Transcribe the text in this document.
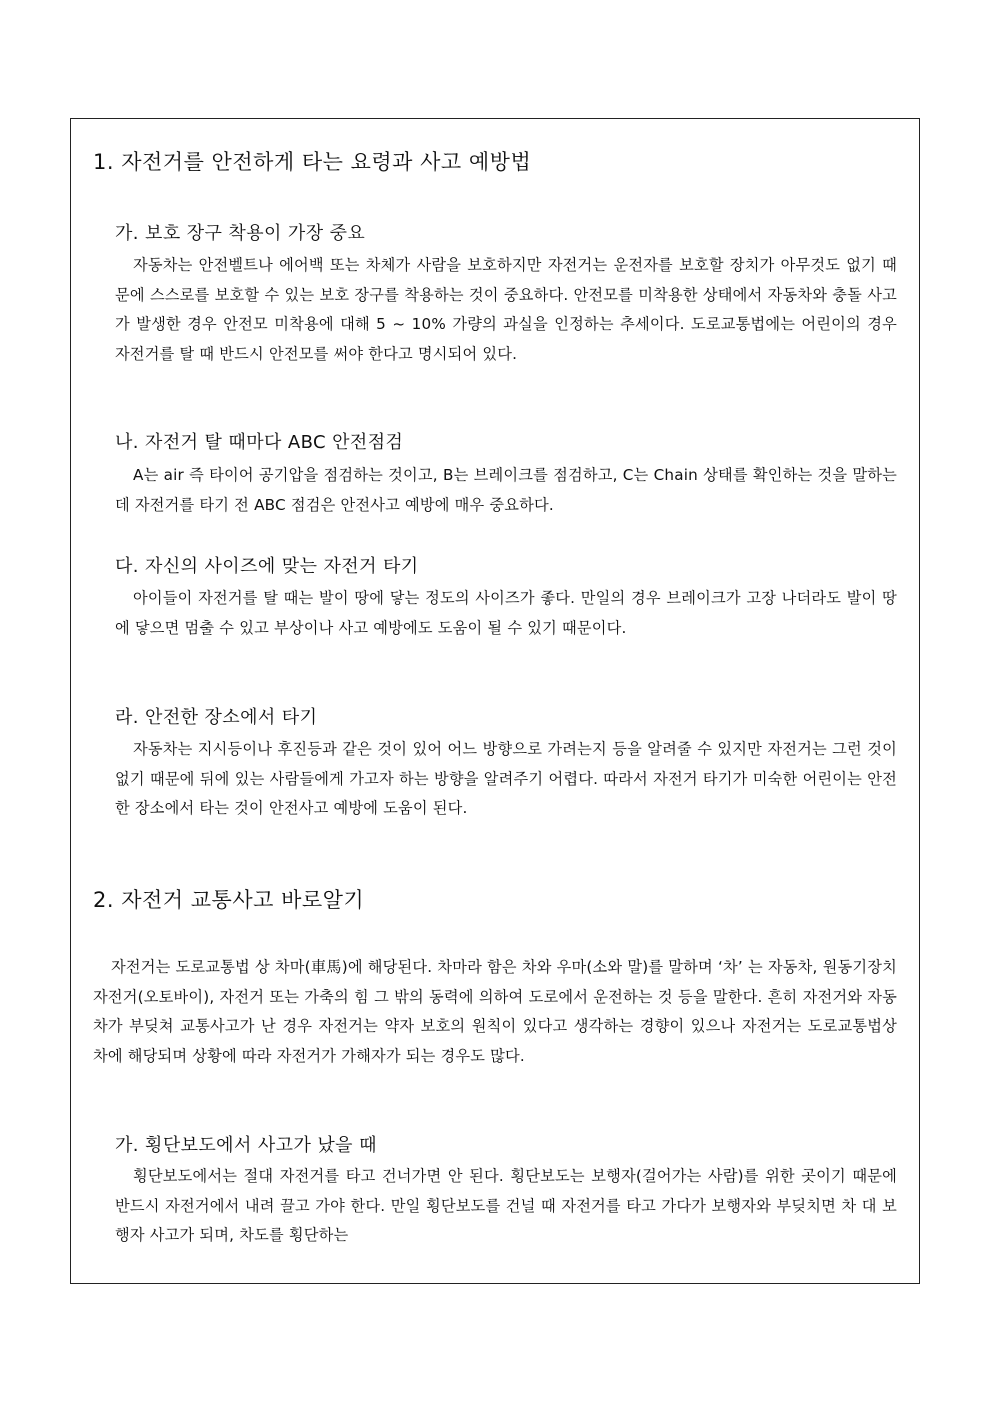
1. 자전거를 안전하게 타는 요령과 사고 예방법
가. 보호 장구 착용이 가장 중요

자동차는 안전벨트나 에어백 또는 차체가 사람을 보호하지만 자전거는 운전자를 보호할 장치가 아무것도 없기 때문에 스스로를 보호할 수 있는 보호 장구를 착용하는 것이 중요하다. 안전모를 미착용한 상태에서 자동차와 충돌 사고가 발생한 경우 안전모 미착용에 대해 5 ~ 10% 가량의 과실을 인정하는 추세이다. 도로교통법에는 어린이의 경우 자전거를 탈 때 반드시 안전모를 써야 한다고 명시되어 있다.

나. 자전거 탈 때마다 ABC 안전점검

A는 air 즉 타이어 공기압을 점검하는 것이고, B는 브레이크를 점검하고, C는 Chain 상태를 확인하는 것을 말하는데 자전거를 타기 전 ABC 점검은 안전사고 예방에 매우 중요하다.

다. 자신의 사이즈에 맞는 자전거 타기

아이들이 자전거를 탈 때는 발이 땅에 닿는 정도의 사이즈가 좋다. 만일의 경우 브레이크가 고장 나더라도 발이 땅에 닿으면 멈출 수 있고 부상이나 사고 예방에도 도움이 될 수 있기 때문이다.

라. 안전한 장소에서 타기

자동차는 지시등이나 후진등과 같은 것이 있어 어느 방향으로 가려는지 등을 알려줄 수 있지만 자전거는 그런 것이 없기 때문에 뒤에 있는 사람들에게 가고자 하는 방향을 알려주기 어렵다. 따라서 자전거 타기가 미숙한 어린이는 안전한 장소에서 타는 것이 안전사고 예방에 도움이 된다.

2. 자전거 교통사고 바로알기

자전거는 도로교통법 상 차마(車馬)에 해당된다. 차마라 함은 차와 우마(소와 말)를 말하며 ‘차’ 는 자동차, 원동기장치자전거(오토바이), 자전거 또는 가축의 힘 그 밖의 동력에 의하여 도로에서 운전하는 것 등을 말한다. 흔히 자전거와 자동차가 부딪쳐 교통사고가 난 경우 자전거는 약자 보호의 원칙이 있다고 생각하는 경향이 있으나 자전거는 도로교통법상 차에 해당되며 상황에 따라 자전거가 가해자가 되는 경우도 많다.

가. 횡단보도에서 사고가 났을 때

횡단보도에서는 절대 자전거를 타고 건너가면 안 된다. 횡단보도는 보행자(걸어가는 사람)를 위한 곳이기 때문에 반드시 자전거에서 내려 끌고 가야 한다. 만일 횡단보도를 건널 때 자전거를 타고 가다가 보행자와 부딪치면 차 대 보행자 사고가 되며, 차도를 횡단하는
